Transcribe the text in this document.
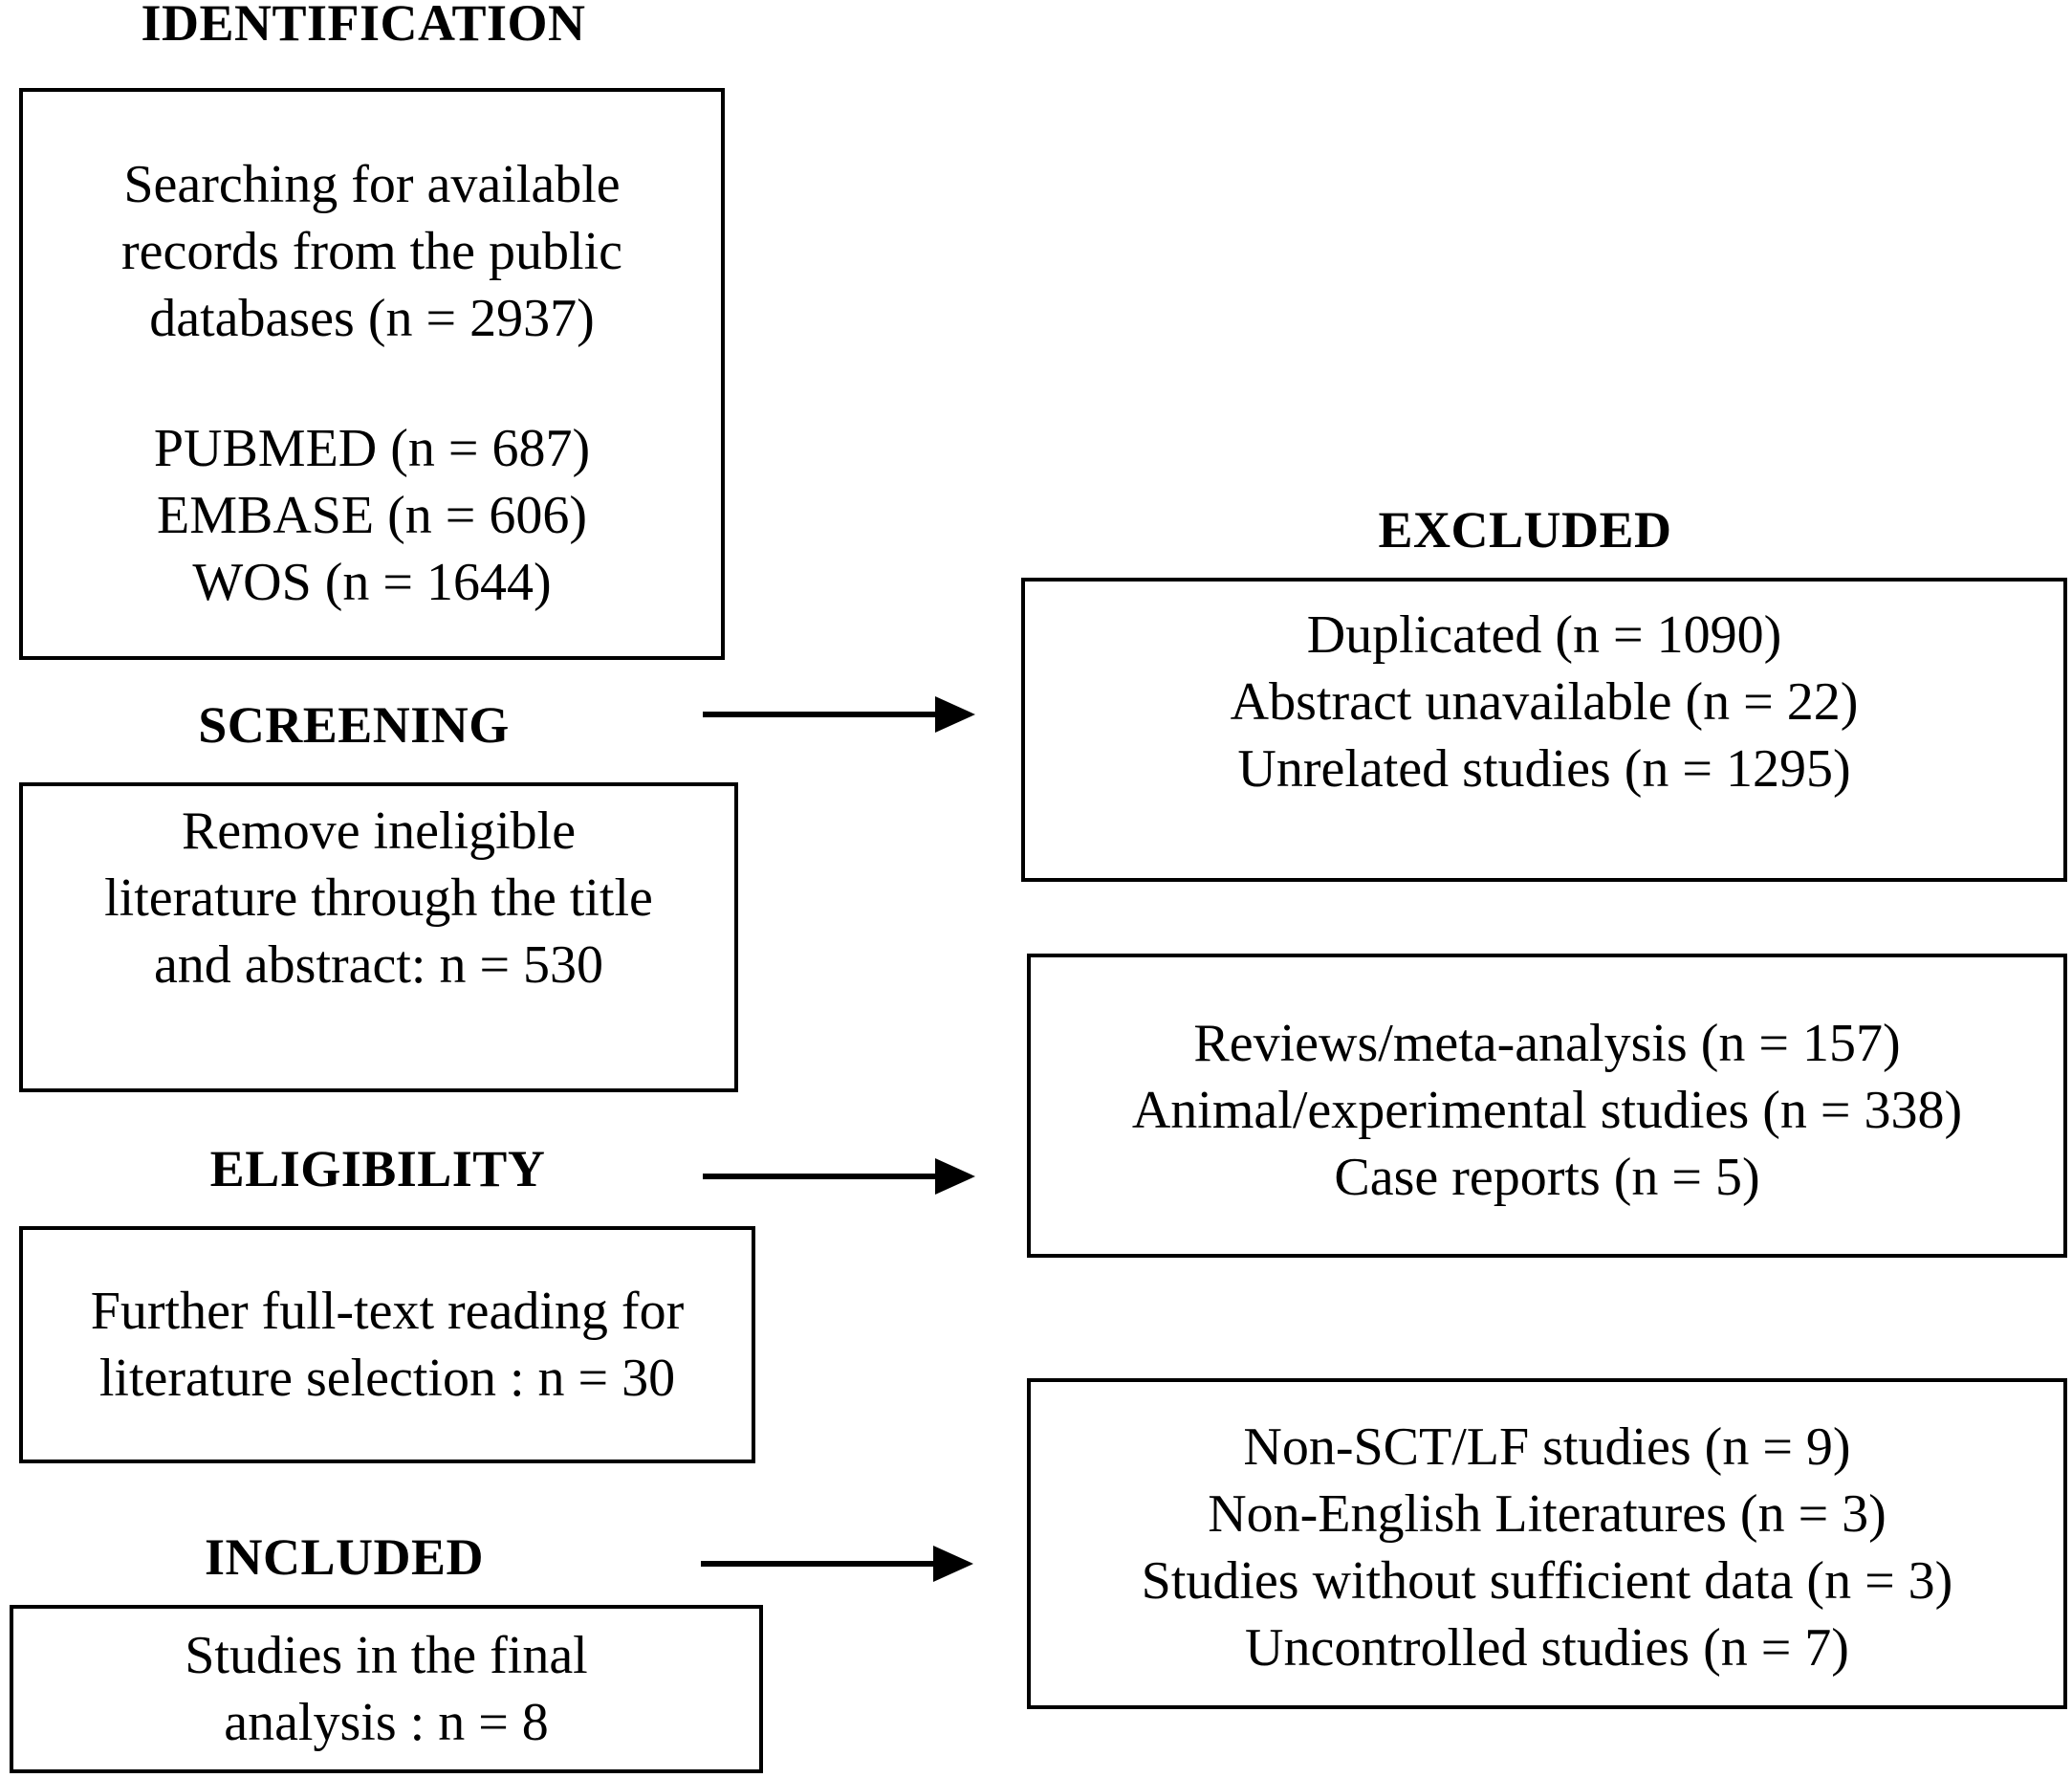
IDENTIFICATION
Searching for available
records from the public
databases (n = 2937)
PUBMED (n = 687)
EMBASE (n = 606)
WOS (n = 1644)
SCREENING
Remove ineligible
literature through the title
and abstract: n = 530
ELIGIBILITY
Further full-text reading for
literature selection : n = 30
INCLUDED
Studies in the final
analysis : n = 8
EXCLUDED
Duplicated (n = 1090)
Abstract unavailable (n = 22)
Unrelated studies (n = 1295)
Reviews/meta-analysis (n = 157)
Animal/experimental studies (n = 338)
Case reports (n = 5)
Non-SCT/LF studies (n = 9)
Non-English Literatures (n = 3)
Studies without sufficient data (n = 3)
Uncontrolled studies (n = 7)
